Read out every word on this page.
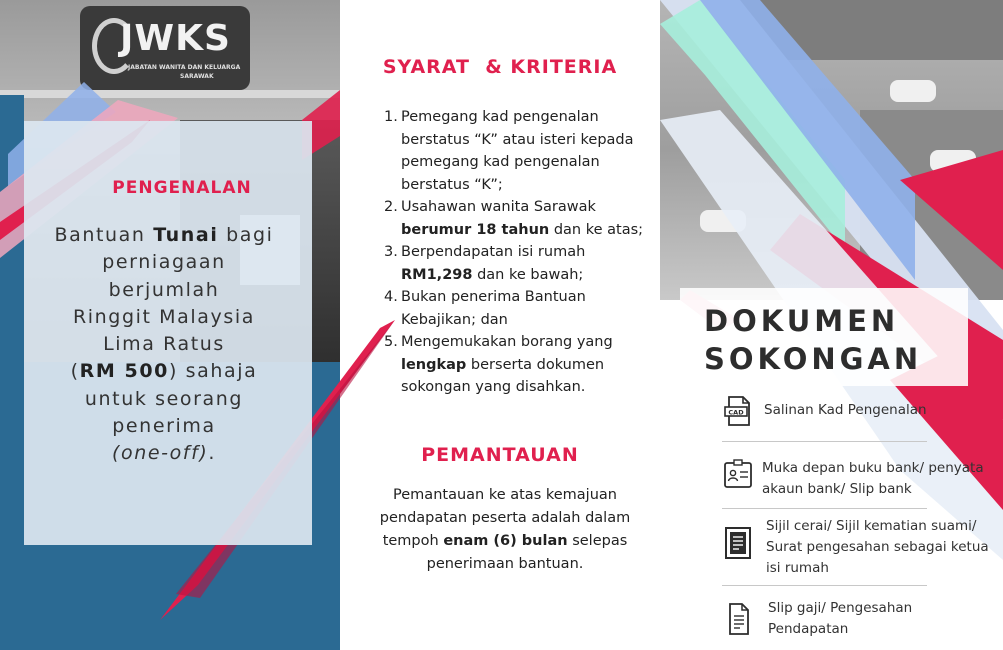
JWKS
JABATAN WANITA DAN KELUARGA
SARAWAK
PENGENALAN
Bantuan Tunai bagi
perniagaan
berjumlah
Ringgit Malaysia
Lima Ratus
(RM 500) sahaja
untuk seorang
penerima
(one-off).
SYARAT  & KRITERIA
1. Pemegang kad pengenalan
berstatus “K” atau isteri kepada
pemegang kad pengenalan
berstatus “K”;
2. Usahawan wanita Sarawak
berumur 18 tahun dan ke atas;
3. Berpendapatan isi rumah
RM1,298 dan ke bawah;
4. Bukan penerima Bantuan
Kebajikan; dan
5. Mengemukakan borang yang
lengkap berserta dokumen
sokongan yang disahkan.
PEMANTAUAN
Pemantauan ke atas kemajuan
pendapatan peserta adalah dalam
tempoh enam (6) bulan selepas
penerimaan bantuan.
DOKUMEN
SOKONGAN
CAD Salinan Kad Pengenalan
Muka depan buku bank/ penyata
akaun bank/ Slip bank
Sijil cerai/ Sijil kematian suami/
Surat pengesahan sebagai ketua
isi rumah
Slip gaji/ Pengesahan
Pendapatan
